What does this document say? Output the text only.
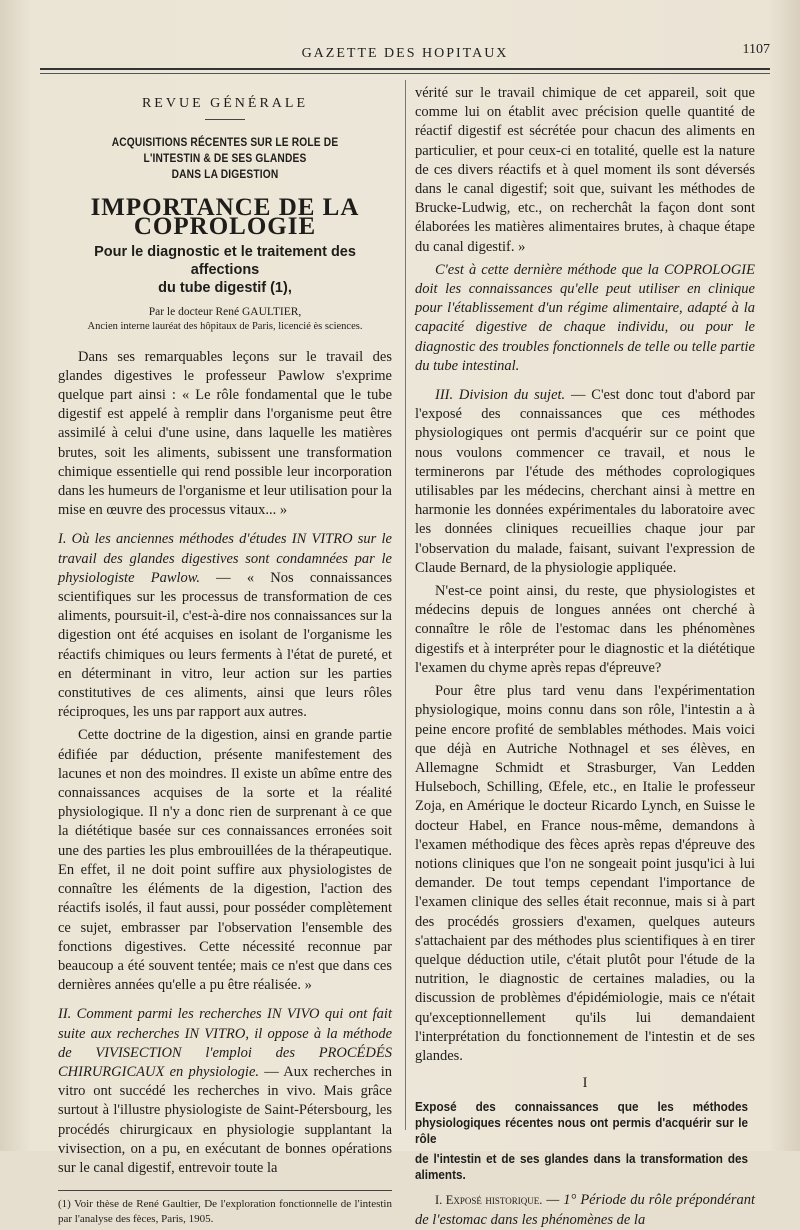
GAZETTE DES HOPITAUX	1107
REVUE GÉNÉRALE
ACQUISITIONS RÉCENTES SUR LE ROLE DE L'INTESTIN & DE SES GLANDES
DANS LA DIGESTION
IMPORTANCE DE LA COPROLOGIE
Pour le diagnostic et le traitement des affections
du tube digestif (1),
Par le docteur René GAULTIER,
Ancien interne lauréat des hôpitaux de Paris, licencié ès sciences.

Dans ses remarquables leçons sur le travail des glandes digestives le professeur Pawlow s'exprime quelque part ainsi : « Le rôle fondamental que le tube digestif est appelé à remplir dans l'organisme peut être assimilé à celui d'une usine, dans laquelle les matières brutes, soit les aliments, subissent une transformation chimique essentielle qui rend possible leur incorporation dans les humeurs de l'organisme et leur utilisation pour la mise en œuvre des processus vitaux... »

I. Où les anciennes méthodes d'études IN VITRO sur le travail des glandes digestives sont condamnées par le physiologiste Pawlow. — « Nos connaissances scientifiques sur les processus de transformation de ces aliments, poursuit-il, c'est-à-dire nos connaissances sur la digestion ont été acquises en isolant de l'organisme les réactifs chimiques ou leurs ferments à l'état de pureté, et en déterminant in vitro, leur action sur les parties constitutives de ces aliments, ainsi que leurs rôles réciproques, les uns par rapport aux autres.

Cette doctrine de la digestion, ainsi en grande partie édifiée par déduction, présente manifestement des lacunes et non des moindres. Il existe un abîme entre des connaissances acquises de la sorte et la réalité physiologique. Il n'y a donc rien de surprenant à ce que la diététique basée sur ces connaissances erronées soit une des parties les plus embrouillées de la thérapeutique. En effet, il ne doit point suffire aux physiologistes de connaître les éléments de la digestion, l'action des réactifs isolés, il faut aussi, pour posséder complètement ce sujet, embrasser par l'observation l'ensemble des fonctions digestives. Cette nécessité reconnue par beaucoup a été souvent tentée; mais ce n'est que dans ces dernières années qu'elle a pu être réalisée. »

II. Comment parmi les recherches IN VIVO qui ont fait suite aux recherches IN VITRO, il oppose à la méthode de VIVISECTION l'emploi des PROCÉDÉS CHIRURGICAUX en physiologie. — Aux recherches in vitro ont succédé les recherches in vivo. Mais grâce surtout à l'illustre physiologiste de Saint-Pétersbourg, les procédés chirurgicaux en physiologie supplantant la vivisection, on a pu, en exécutant de bonnes opérations sur le canal digestif, entrevoir toute la

(1) Voir thèse de René Gaultier, De l'exploration fonctionnelle de l'intestin par l'analyse des fèces, Paris, 1905.

vérité sur le travail chimique de cet appareil, soit que comme lui on établit avec précision quelle quantité de réactif digestif est sécrétée pour chacun des aliments en particulier, et pour ceux-ci en totalité, quelle est la nature de ces divers réactifs et à quel moment ils sont déversés dans le canal digestif; soit que, suivant les méthodes de Brucke-Ludwig, etc., on recherchât la façon dont sont élaborées les matières alimentaires brutes, à chaque étape du canal digestif. »

C'est à cette dernière méthode que la COPROLOGIE doit les connaissances qu'elle peut utiliser en clinique pour l'établissement d'un régime alimentaire, adapté à la capacité digestive de chaque individu, ou pour le diagnostic des troubles fonctionnels de telle ou telle partie du tube intestinal.

III. Division du sujet. — C'est donc tout d'abord par l'exposé des connaissances que ces méthodes physiologiques ont permis d'acquérir sur ce point que nous voulons commencer ce travail, et nous le terminerons par l'étude des méthodes coprologiques utilisables par les médecins, cherchant ainsi à mettre en harmonie les données expérimentales du laboratoire avec les données cliniques recueillies chaque jour par l'observation du malade, faisant, suivant l'expression de Claude Bernard, de la physiologie appliquée.

N'est-ce point ainsi, du reste, que physiologistes et médecins depuis de longues années ont cherché à connaître le rôle de l'estomac dans les phénomènes digestifs et à interpréter pour le diagnostic et la diététique l'examen du chyme après repas d'épreuve?

Pour être plus tard venu dans l'expérimentation physiologique, moins connu dans son rôle, l'intestin a à peine encore profité de semblables méthodes. Mais voici que déjà en Autriche Nothnagel et ses élèves, en Allemagne Schmidt et Strasburger, Van Ledden Hulseboch, Schilling, Œfele, etc., en Italie le professeur Zoja, en Amérique le docteur Ricardo Lynch, en Suisse le docteur Habel, en France nous-même, demandons à l'examen méthodique des fèces après repas d'épreuve des notions cliniques que l'on ne songeait point jusqu'ici à lui demander. De tout temps cependant l'importance de l'examen clinique des selles était reconnue, mais si à part des procédés grossiers d'examen, quelques auteurs s'attachaient par des méthodes plus scientifiques à en tirer quelque déduction utile, c'était plutôt pour l'étude de la nutrition, le diagnostic de certaines maladies, ou la discussion de problèmes d'épidémiologie, mais ce n'était qu'exceptionnellement qu'ils lui demandaient l'interprétation du fonctionnement de l'intestin et de ses glandes.

I

Exposé des connaissances que les méthodes physiologiques récentes nous ont permis d'acquérir sur le rôle

de l'intestin et de ses glandes dans la transformation des aliments.

I. Exposé historique. — 1° Période du rôle prépondérant de l'estomac dans les phénomènes de la
